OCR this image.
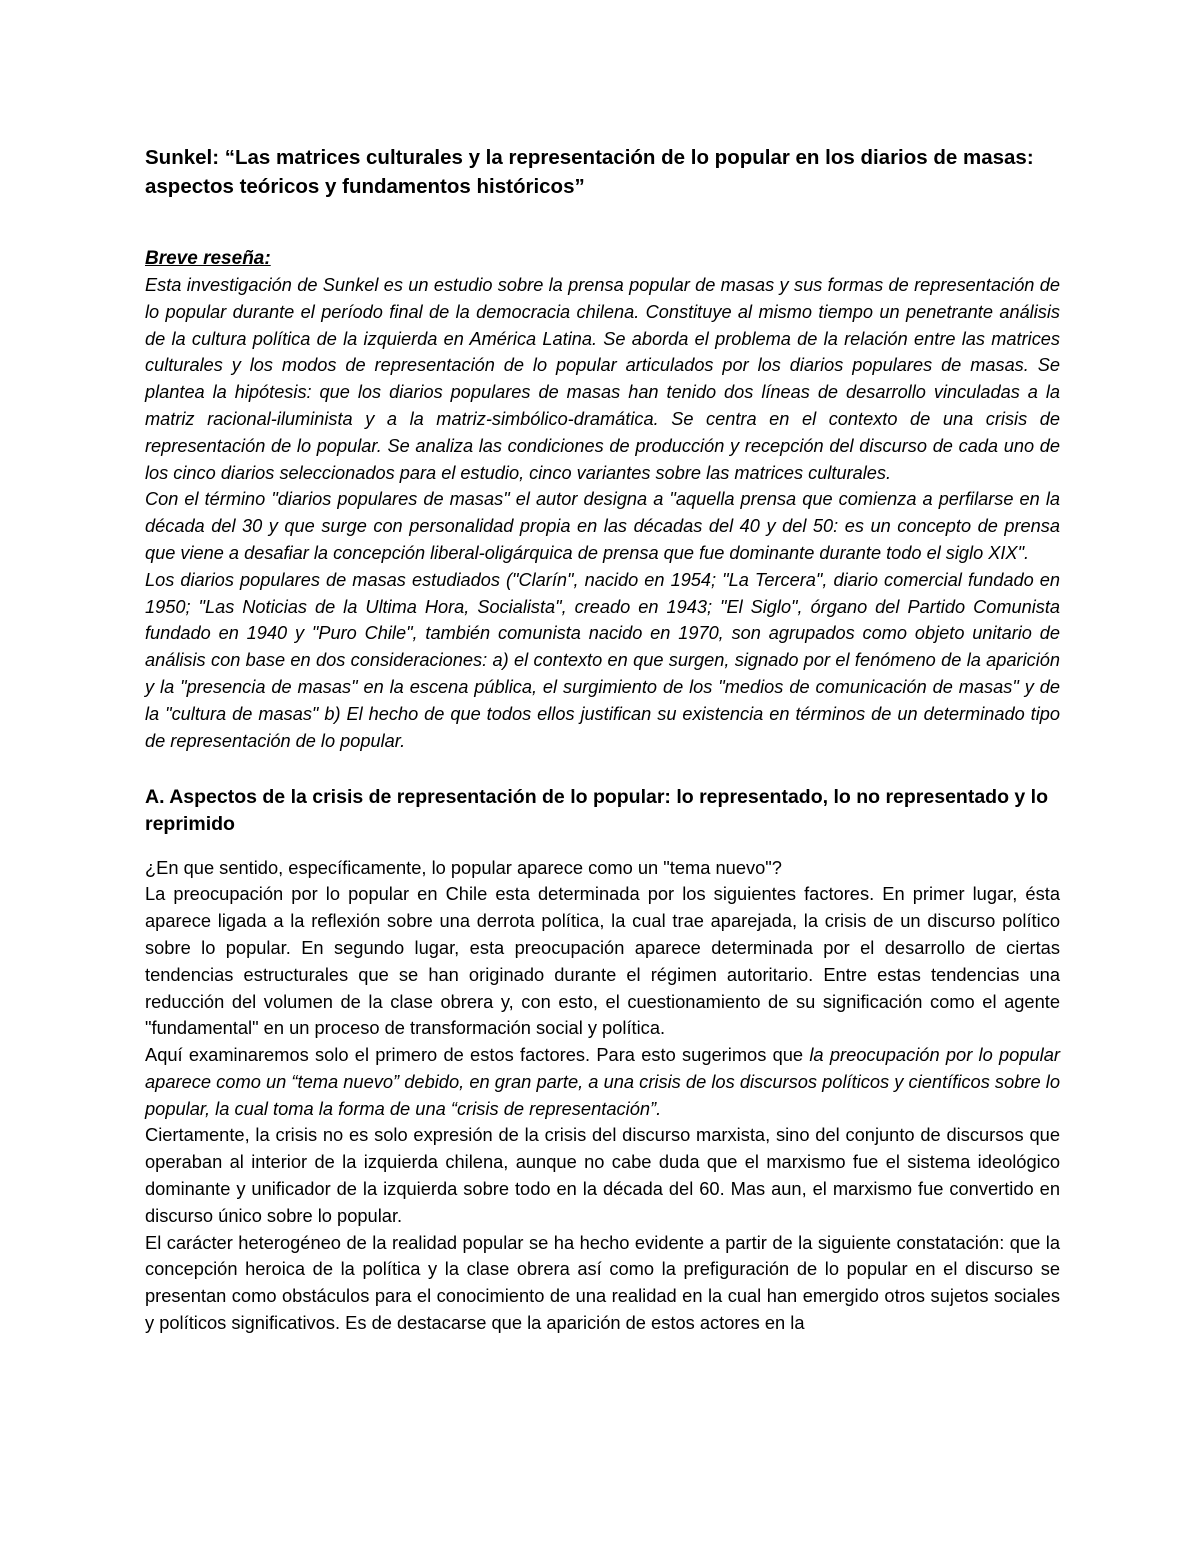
Sunkel: “Las matrices culturales y la representación de lo popular en los diarios de masas: aspectos teóricos y fundamentos históricos”
Breve reseña:

Esta investigación de Sunkel es un estudio sobre la prensa popular de masas y sus formas de representación de lo popular durante el período final de la democracia chilena. Constituye al mismo tiempo un penetrante análisis de la cultura política de la izquierda en América Latina. Se aborda el problema de la relación entre las matrices culturales y los modos de representación de lo popular articulados por los diarios populares de masas. Se plantea la hipótesis: que los diarios populares de masas han tenido dos líneas de desarrollo vinculadas a la matriz racional-iluminista y a la matriz-simbólico-dramática. Se centra en el contexto de una crisis de representación de lo popular. Se analiza las condiciones de producción y recepción del discurso de cada uno de los cinco diarios seleccionados para el estudio, cinco variantes sobre las matrices culturales.

Con el término "diarios populares de masas" el autor designa a "aquella prensa que comienza a perfilarse en la década del 30 y que surge con personalidad propia en las décadas del 40 y del 50: es un concepto de prensa que viene a desafiar la concepción liberal-oligárquica de prensa que fue dominante durante todo el siglo XIX".

Los diarios populares de masas estudiados ("Clarín", nacido en 1954; "La Tercera", diario comercial fundado en 1950; "Las Noticias de la Ultima Hora, Socialista", creado en 1943; "El Siglo", órgano del Partido Comunista fundado en 1940 y "Puro Chile", también comunista nacido en 1970, son agrupados como objeto unitario de análisis con base en dos consideraciones: a) el contexto en que surgen, signado por el fenómeno de la aparición y la "presencia de masas" en la escena pública, el surgimiento de los "medios de comunicación de masas" y de la "cultura de masas" b) El hecho de que todos ellos justifican su existencia en términos de un determinado tipo de representación de lo popular.

A. Aspectos de la crisis de representación de lo popular: lo representado, lo no representado y lo reprimido

¿En que sentido, específicamente, lo popular aparece como un "tema nuevo"?

La preocupación por lo popular en Chile esta determinada por los siguientes factores. En primer lugar, ésta aparece ligada a la reflexión sobre una derrota política, la cual trae aparejada, la crisis de un discurso político sobre lo popular. En segundo lugar, esta preocupación aparece determinada por el desarrollo de ciertas tendencias estructurales que se han originado durante el régimen autoritario. Entre estas tendencias una reducción del volumen de la clase obrera y, con esto, el cuestionamiento de su significación como el agente "fundamental" en un proceso de transformación social y política.

Aquí examinaremos solo el primero de estos factores. Para esto sugerimos que la preocupación por lo popular aparece como un “tema nuevo” debido, en gran parte, a una crisis de los discursos políticos y científicos sobre lo popular, la cual toma la forma de una “crisis de representación”.

Ciertamente, la crisis no es solo expresión de la crisis del discurso marxista, sino del conjunto de discursos que operaban al interior de la izquierda chilena, aunque no cabe duda que el marxismo fue el sistema ideológico dominante y unificador de la izquierda sobre todo en la década del 60. Mas aun, el marxismo fue convertido en discurso único sobre lo popular.

El carácter heterogéneo de la realidad popular se ha hecho evidente a partir de la siguiente constatación: que la concepción heroica de la política y la clase obrera así como la prefiguración de lo popular en el discurso se presentan como obstáculos para el conocimiento de una realidad en la cual han emergido otros sujetos sociales y políticos significativos. Es de destacarse que la aparición de estos actores en la
